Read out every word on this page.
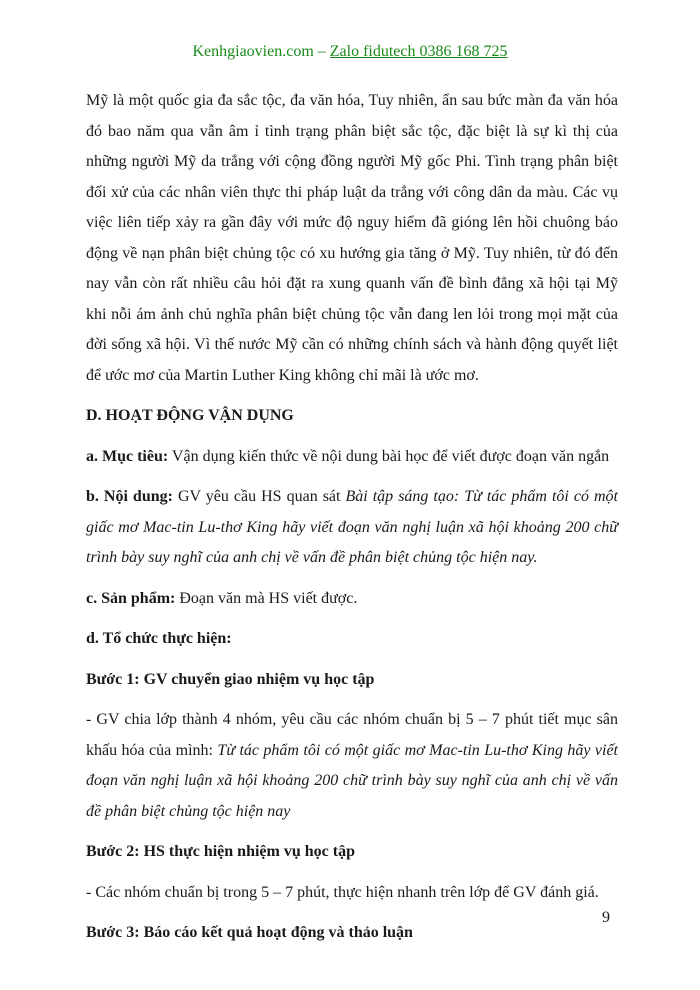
Kenhgiaovien.com – Zalo fidutech 0386 168 725

Mỹ là một quốc gia đa sắc tộc, đa văn hóa, Tuy nhiên, ẩn sau bức màn đa văn hóa đó bao năm qua vẫn âm ỉ tình trạng phân biệt sắc tộc, đặc biệt là sự kì thị của những người Mỹ da trắng với cộng đồng người Mỹ gốc Phi. Tình trạng phân biệt đối xử của các nhân viên thực thi pháp luật da trắng với công dân da màu. Các vụ việc liên tiếp xảy ra gần đây với mức độ nguy hiểm đã gióng lên hồi chuông báo động về nạn phân biệt chủng tộc có xu hướng gia tăng ở Mỹ. Tuy nhiên, từ đó đến nay vẫn còn rất nhiều câu hỏi đặt ra xung quanh vấn đề bình đẳng xã hội tại Mỹ khi nỗi ám ảnh chủ nghĩa phân biệt chủng tộc vẫn đang len lỏi trong mọi mặt của đời sống xã hội. Vì thế nước Mỹ cần có những chính sách và hành động quyết liệt để ước mơ của Martin Luther King không chỉ mãi là ước mơ.

D. HOẠT ĐỘNG VẬN DỤNG

a. Mục tiêu: Vận dụng kiến thức về nội dung bài học để viết được đoạn văn ngắn

b. Nội dung: GV yêu cầu HS quan sát Bài tập sáng tạo: Từ tác phẩm tôi có một giấc mơ Mac-tin Lu-thơ King hãy viết đoạn văn nghị luận xã hội khoảng 200 chữ trình bày suy nghĩ của anh chị về vấn đề phân biệt chủng tộc hiện nay.

c. Sản phẩm: Đoạn văn mà HS viết được.

d. Tổ chức thực hiện:

Bước 1: GV chuyển giao nhiệm vụ học tập

- GV chia lớp thành 4 nhóm, yêu cầu các nhóm chuẩn bị 5 – 7 phút tiết mục sân khấu hóa của mình: Từ tác phẩm tôi có một giấc mơ Mac-tin Lu-thơ King hãy viết đoạn văn nghị luận xã hội khoảng 200 chữ trình bày suy nghĩ của anh chị về vấn đề phân biệt chủng tộc hiện nay

Bước 2: HS thực hiện nhiệm vụ học tập

- Các nhóm chuẩn bị trong 5 – 7 phút, thực hiện nhanh trên lớp để GV đánh giá.

Bước 3: Báo cáo kết quả hoạt động và thảo luận

9
